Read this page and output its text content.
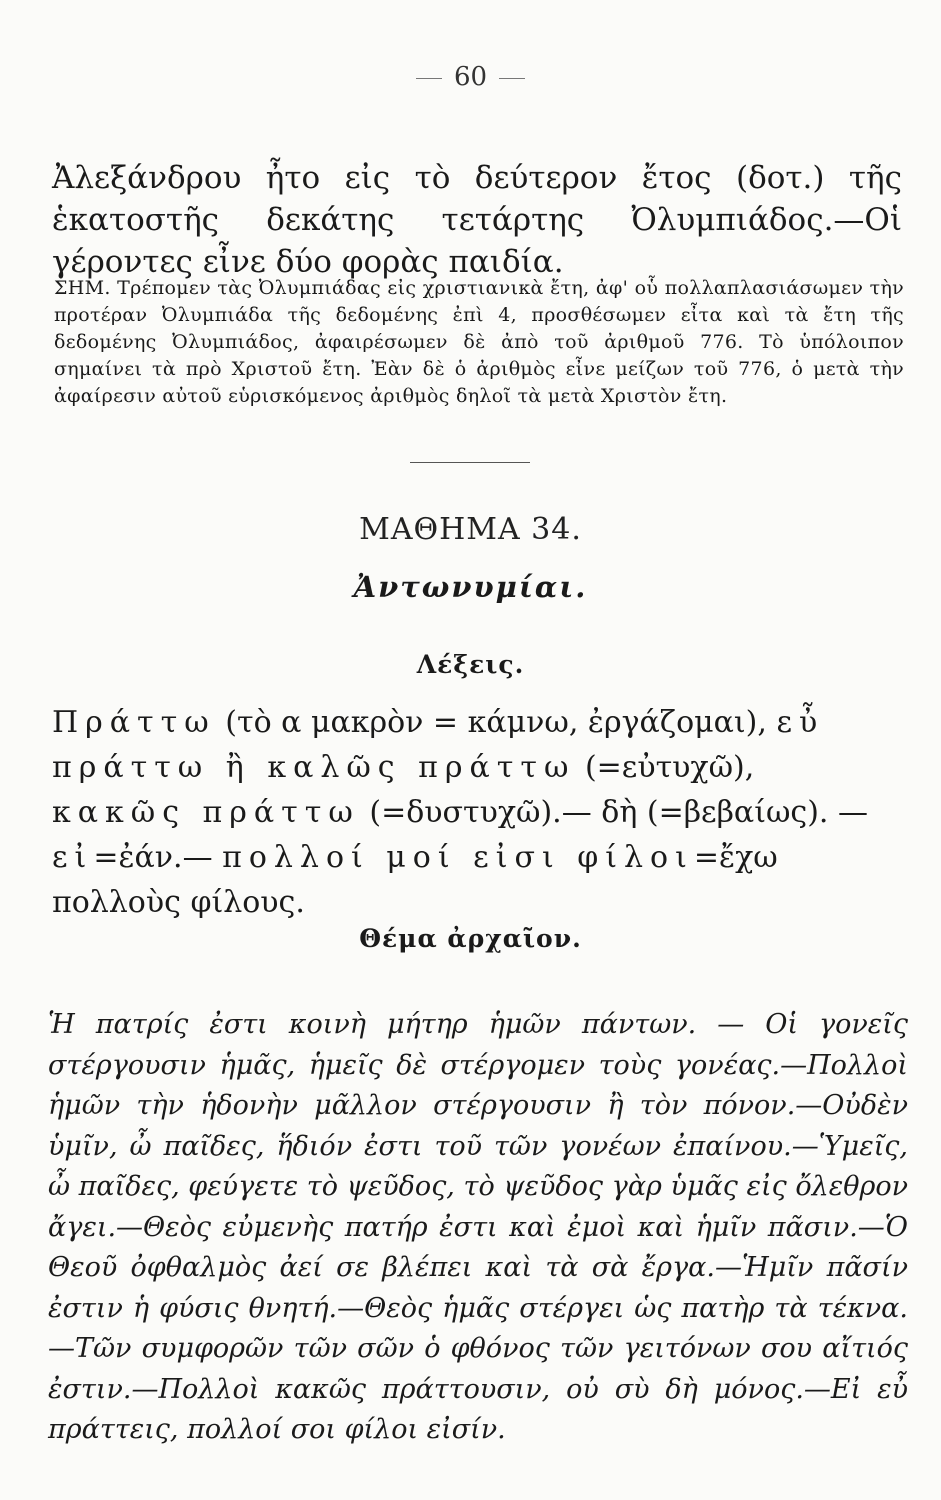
60

Ἀλεξάνδρου ἦτο εἰς τὸ δεύτερον ἔτος (δοτ.) τῆς ἑκατοστῆς δεκάτης τετάρτης Ὀλυμπιάδος.—Οἱ γέροντες εἶνε δύο φορὰς παιδία.

ΣΗΜ. Τρέπομεν τὰς Ὀλυμπιάδας εἰς χριστιανικὰ ἔτη, ἀφ' οὗ πολλαπλασιάσωμεν τὴν προτέραν Ὀλυμπιάδα τῆς δεδομένης ἐπὶ 4, προσθέσωμεν εἶτα καὶ τὰ ἔτη τῆς δεδομένης Ὀλυμπιάδος, ἀφαιρέσωμεν δὲ ἀπὸ τοῦ ἀριθμοῦ 776. Τὸ ὑπόλοιπον σημαίνει τὰ πρὸ Χριστοῦ ἔτη. Ἐὰν δὲ ὁ ἀριθμὸς εἶνε μείζων τοῦ 776, ὁ μετὰ τὴν ἀφαίρεσιν αὐτοῦ εὑρισκόμενος ἀριθμὸς δηλοῖ τὰ μετὰ Χριστὸν ἔτη.

ΜΑΘΗΜΑ 34.
Ἀντωνυμίαι.
Λέξεις.
Πράττω (τὸ α μακρὸν = κάμνω, ἐργάζομαι), εὖ πράττω ἢ καλῶς πράττω (=εὐτυχῶ), κακῶς πράττω (=δυστυχῶ).— δὴ (=βεβαίως). — εἰ=ἐάν.— πολλοί μοί εἰσι φίλοι=ἔχω πολλοὺς φίλους.
Θέμα ἀρχαῖον.

Ἡ πατρίς ἐστι κοινὴ μήτηρ ἡμῶν πάντων. — Οἱ γονεῖς στέργουσιν ἡμᾶς, ἡμεῖς δὲ στέργομεν τοὺς γονέας.—Πολλοὶ ἡμῶν τὴν ἡδονὴν μᾶλλον στέργουσιν ἢ τὸν πόνον.—Οὐδὲν ὑμῖν, ὦ παῖδες, ἥδιόν ἐστι τοῦ τῶν γονέων ἐπαίνου.—Ὑμεῖς, ὦ παῖδες, φεύγετε τὸ ψεῦδος, τὸ ψεῦδος γὰρ ὑμᾶς εἰς ὄλεθρον ἄγει.—Θεὸς εὐμενὴς πατήρ ἐστι καὶ ἐμοὶ καὶ ἡμῖν πᾶσιν.—Ὁ Θεοῦ ὀφθαλμὸς ἀεί σε βλέπει καὶ τὰ σὰ ἔργα.—Ἡμῖν πᾶσίν ἐστιν ἡ φύσις θνητή.—Θεὸς ἡμᾶς στέργει ὡς πατὴρ τὰ τέκνα.—Τῶν συμφορῶν τῶν σῶν ὁ φθόνος τῶν γειτόνων σου αἴτιός ἐστιν.—Πολλοὶ κακῶς πράττουσιν, οὐ σὺ δὴ μόνος.—Εἰ εὖ πράττεις, πολλοί σοι φίλοι εἰσίν.
